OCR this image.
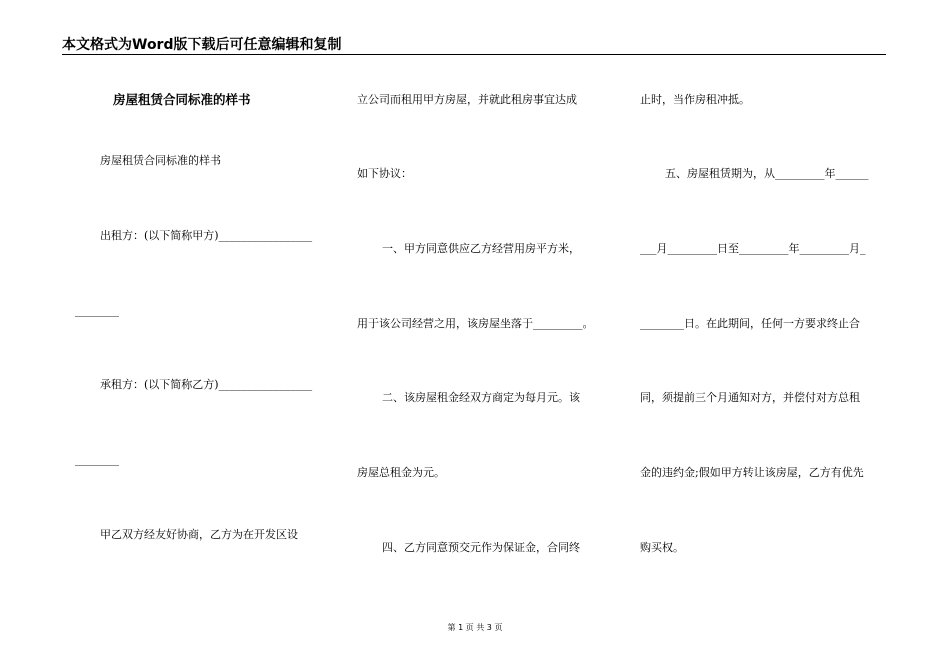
本文格式为Word版下载后可任意编辑和复制
房屋租赁合同标准的样书
房屋租赁合同标准的样书
出租方：(以下简称甲方)_________________
________
承租方：(以下简称乙方)_________________
________
甲乙双方经友好协商，乙方为在开发区设
立公司而租用甲方房屋，并就此租房事宜达成
如下协议：
一、甲方同意供应乙方经营用房平方米，
用于该公司经营之用，该房屋坐落于_________。
二、该房屋租金经双方商定为每月元。该
房屋总租金为元。
四、乙方同意预交元作为保证金，合同终
止时，当作房租冲抵。
五、房屋租赁期为，从_________年______
___月_________日至_________年_________月_
________日。在此期间，任何一方要求终止合
同，须提前三个月通知对方，并偿付对方总租
金的违约金;假如甲方转让该房屋，乙方有优先
购买权。
第 1 页 共 3 页
